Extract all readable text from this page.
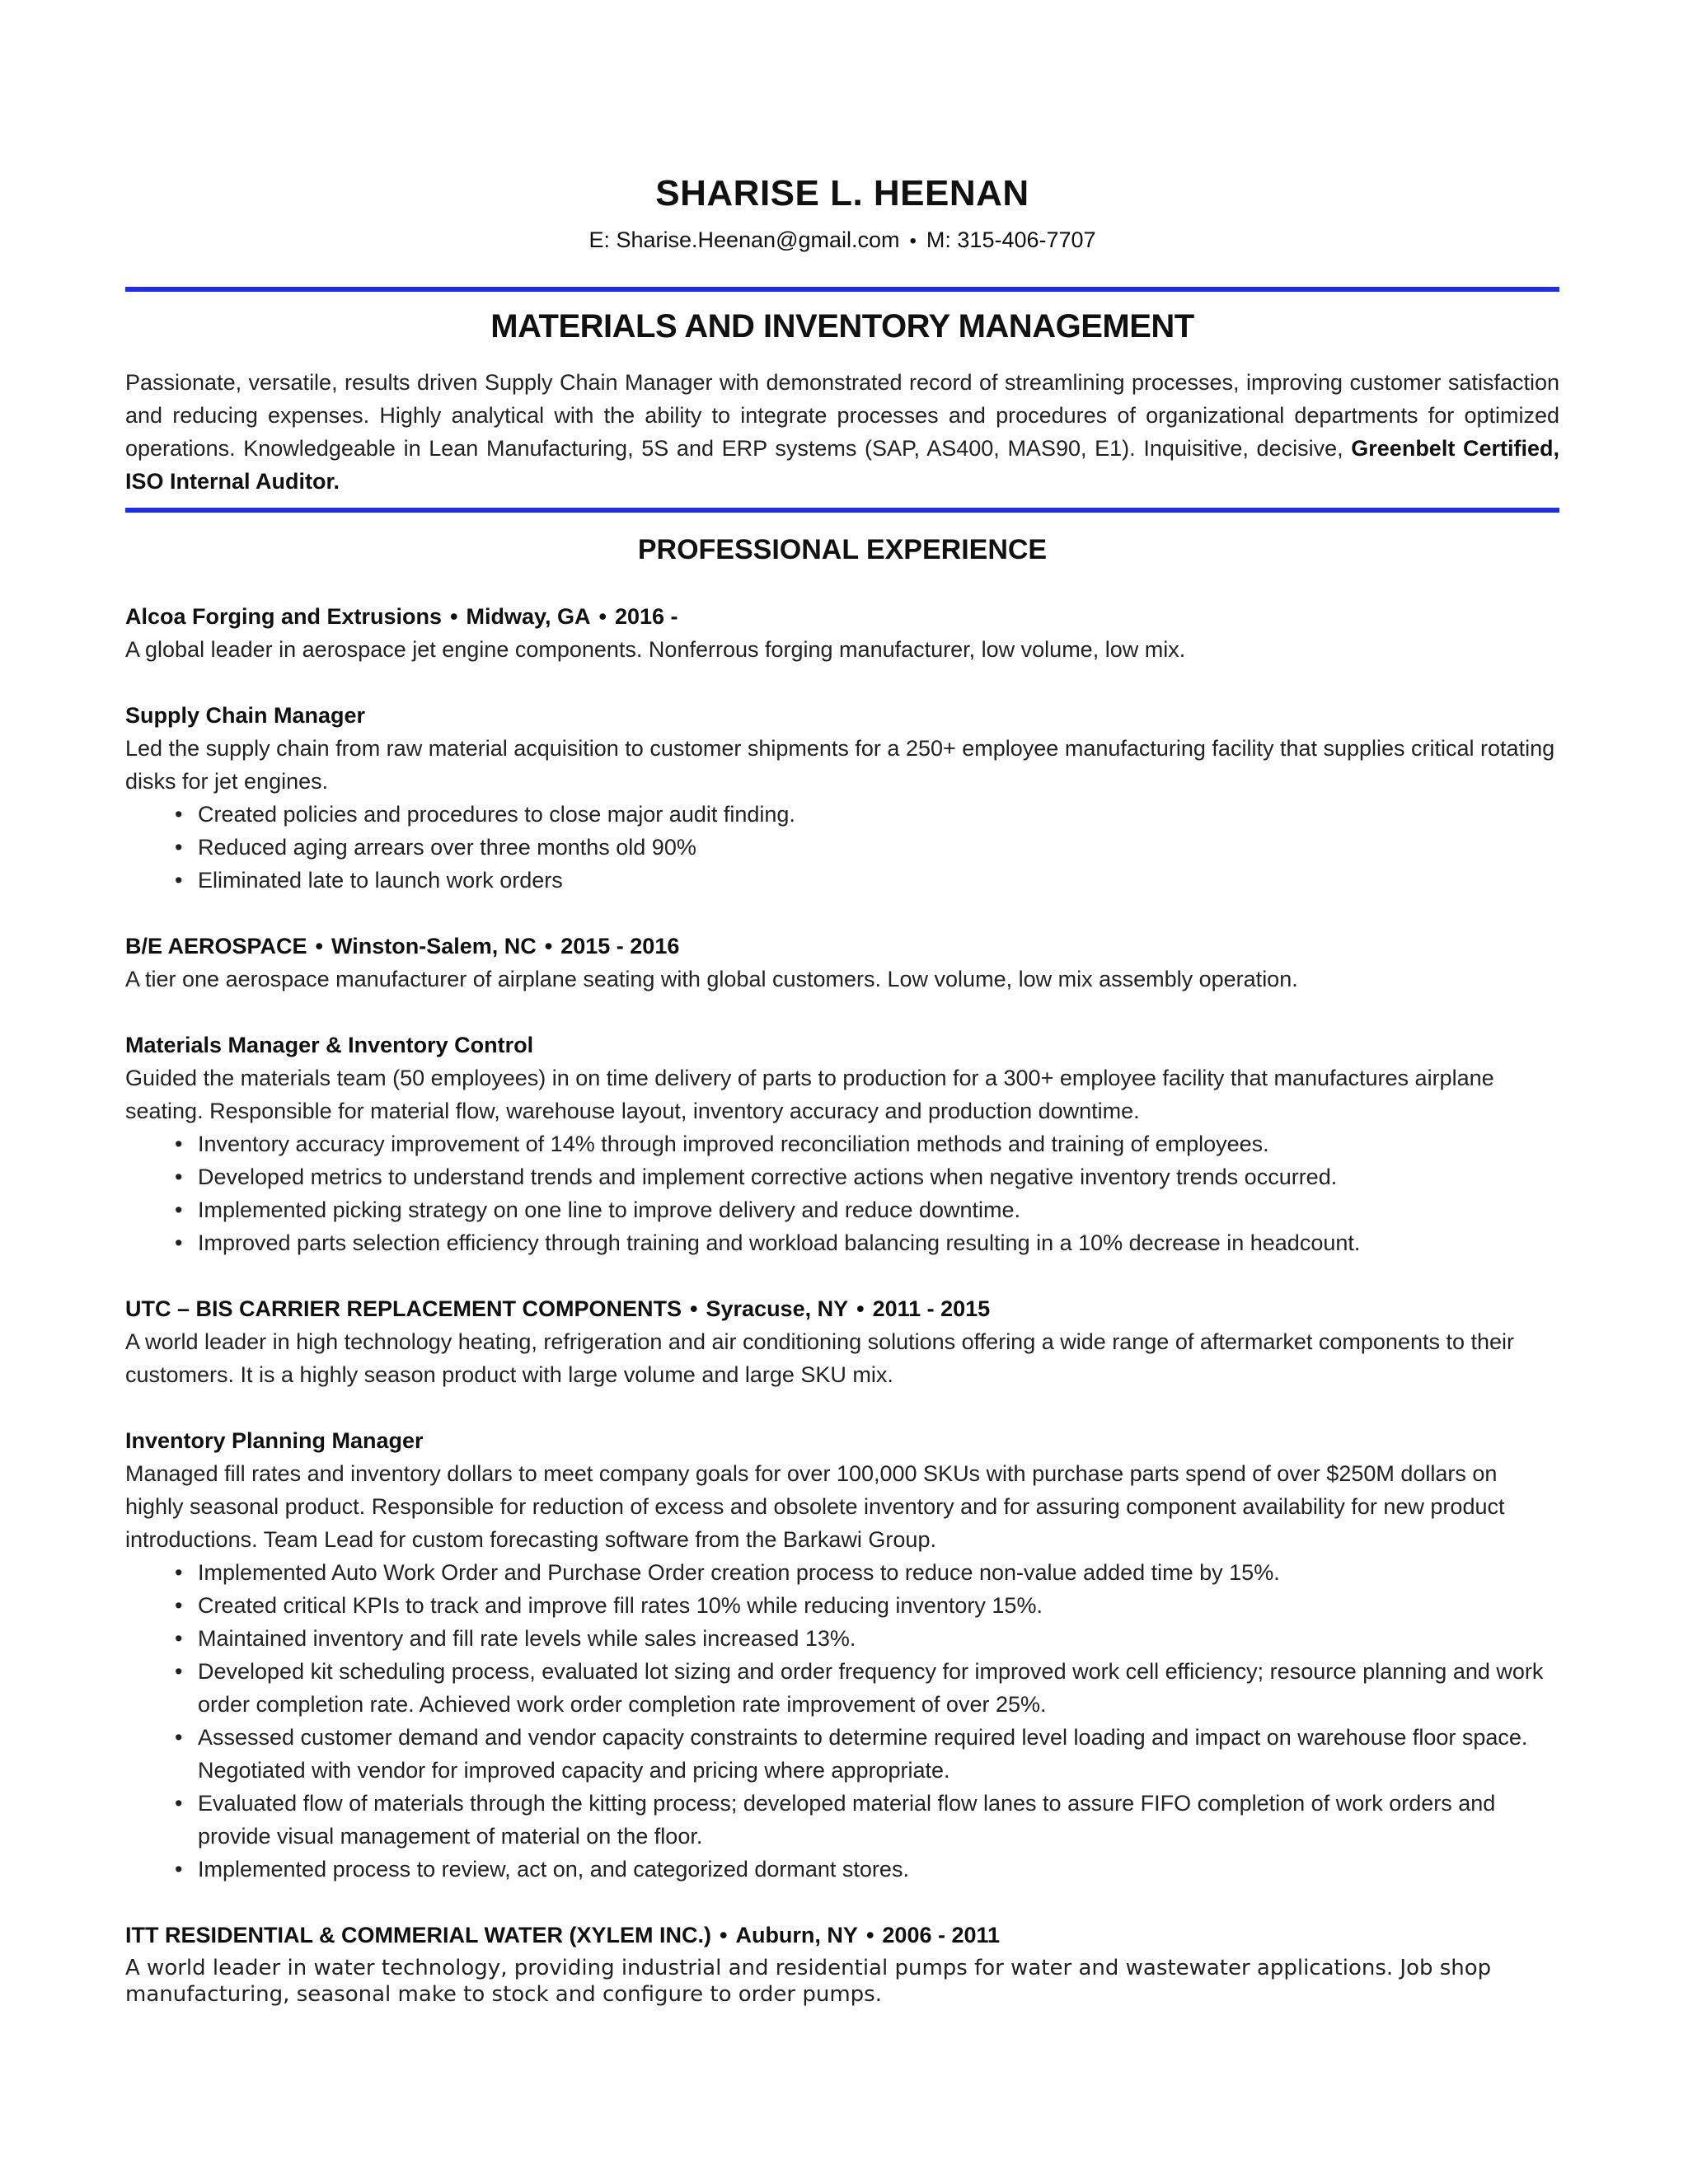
SHARISE L. HEENAN
E: Sharise.Heenan@gmail.com • M: 315-406-7707
MATERIALS AND INVENTORY MANAGEMENT
Passionate, versatile, results driven Supply Chain Manager with demonstrated record of streamlining processes, improving customer satisfaction and reducing expenses. Highly analytical with the ability to integrate processes and procedures of organizational departments for optimized operations. Knowledgeable in Lean Manufacturing, 5S and ERP systems (SAP, AS400, MAS90, E1). Inquisitive, decisive, Greenbelt Certified, ISO Internal Auditor.
PROFESSIONAL EXPERIENCE

Alcoa Forging and Extrusions • Midway, GA • 2016 -

A global leader in aerospace jet engine components. Nonferrous forging manufacturer, low volume, low mix.

Supply Chain Manager

Led the supply chain from raw material acquisition to customer shipments for a 250+ employee manufacturing facility that supplies critical rotating disks for jet engines.

• Created policies and procedures to close major audit finding.
• Reduced aging arrears over three months old 90%
• Eliminated late to launch work orders

B/E AEROSPACE • Winston-Salem, NC • 2015 - 2016

A tier one aerospace manufacturer of airplane seating with global customers. Low volume, low mix assembly operation.

Materials Manager & Inventory Control

Guided the materials team (50 employees) in on time delivery of parts to production for a 300+ employee facility that manufactures airplane seating. Responsible for material flow, warehouse layout, inventory accuracy and production downtime.

• Inventory accuracy improvement of 14% through improved reconciliation methods and training of employees.
• Developed metrics to understand trends and implement corrective actions when negative inventory trends occurred.
• Implemented picking strategy on one line to improve delivery and reduce downtime.
• Improved parts selection efficiency through training and workload balancing resulting in a 10% decrease in headcount.

UTC – BIS CARRIER REPLACEMENT COMPONENTS • Syracuse, NY • 2011 - 2015

A world leader in high technology heating, refrigeration and air conditioning solutions offering a wide range of aftermarket components to their customers. It is a highly season product with large volume and large SKU mix.

Inventory Planning Manager

Managed fill rates and inventory dollars to meet company goals for over 100,000 SKUs with purchase parts spend of over $250M dollars on highly seasonal product. Responsible for reduction of excess and obsolete inventory and for assuring component availability for new product introductions. Team Lead for custom forecasting software from the Barkawi Group.

• Implemented Auto Work Order and Purchase Order creation process to reduce non-value added time by 15%.
• Created critical KPIs to track and improve fill rates 10% while reducing inventory 15%.
• Maintained inventory and fill rate levels while sales increased 13%.
• Developed kit scheduling process, evaluated lot sizing and order frequency for improved work cell efficiency; resource planning and work order completion rate. Achieved work order completion rate improvement of over 25%.
• Assessed customer demand and vendor capacity constraints to determine required level loading and impact on warehouse floor space. Negotiated with vendor for improved capacity and pricing where appropriate.
• Evaluated flow of materials through the kitting process; developed material flow lanes to assure FIFO completion of work orders and provide visual management of material on the floor.
• Implemented process to review, act on, and categorized dormant stores.

ITT RESIDENTIAL & COMMERIAL WATER (XYLEM INC.) • Auburn, NY • 2006 - 2011

A world leader in water technology, providing industrial and residential pumps for water and wastewater applications. Job shop manufacturing, seasonal make to stock and configure to order pumps.
